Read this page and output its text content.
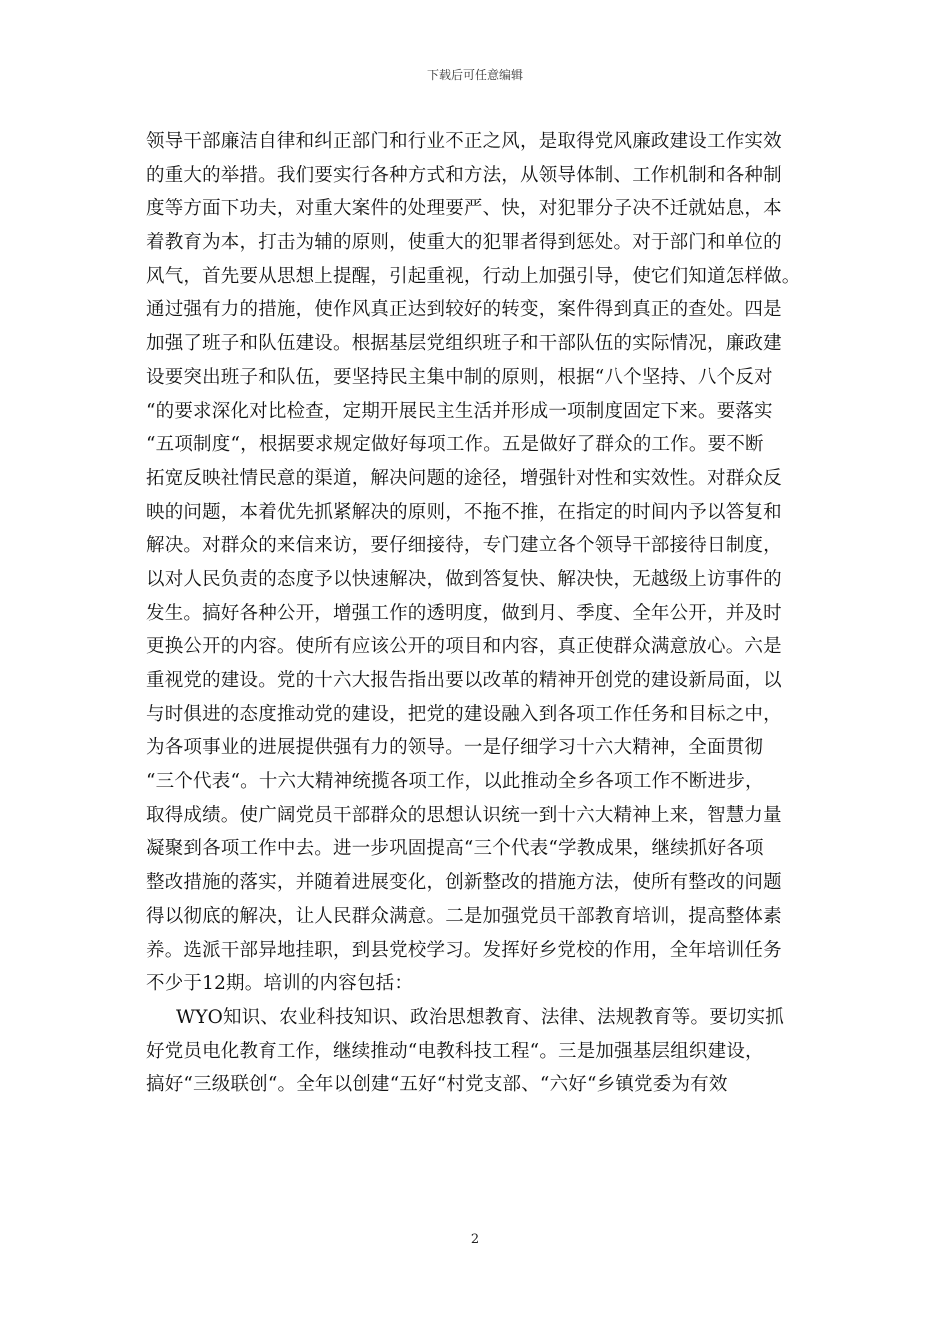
下载后可任意编辑
领导干部廉洁自律和纠正部门和行业不正之风，是取得党风廉政建设工作实效
的重大的举措。我们要实行各种方式和方法，从领导体制、工作机制和各种制
度等方面下功夫，对重大案件的处理要严、快，对犯罪分子决不迁就姑息，本
着教育为本，打击为辅的原则，使重大的犯罪者得到惩处。对于部门和单位的
风气，首先要从思想上提醒，引起重视，行动上加强引导，使它们知道怎样做。
通过强有力的措施，使作风真正达到较好的转变，案件得到真正的查处。四是
加强了班子和队伍建设。根据基层党组织班子和干部队伍的实际情况，廉政建
设要突出班子和队伍，要坚持民主集中制的原则，根据“八个坚持、八个反对
“的要求深化对比检查，定期开展民主生活并形成一项制度固定下来。要落实
“五项制度“，根据要求规定做好每项工作。五是做好了群众的工作。要不断
拓宽反映社情民意的渠道，解决问题的途径，增强针对性和实效性。对群众反
映的问题，本着优先抓紧解决的原则，不拖不推，在指定的时间内予以答复和
解决。对群众的来信来访，要仔细接待，专门建立各个领导干部接待日制度，
以对人民负责的态度予以快速解决，做到答复快、解决快，无越级上访事件的
发生。搞好各种公开，增强工作的透明度，做到月、季度、全年公开，并及时
更换公开的内容。使所有应该公开的项目和内容，真正使群众满意放心。六是
重视党的建设。党的十六大报告指出要以改革的精神开创党的建设新局面，以
与时俱进的态度推动党的建设，把党的建设融入到各项工作任务和目标之中，
为各项事业的进展提供强有力的领导。一是仔细学习十六大精神，全面贯彻
“三个代表“。十六大精神统揽各项工作，以此推动全乡各项工作不断进步，
取得成绩。使广阔党员干部群众的思想认识统一到十六大精神上来，智慧力量
凝聚到各项工作中去。进一步巩固提高“三个代表“学教成果，继续抓好各项
整改措施的落实，并随着进展变化，创新整改的措施方法，使所有整改的问题
得以彻底的解决，让人民群众满意。二是加强党员干部教育培训，提高整体素
养。选派干部异地挂职，到县党校学习。发挥好乡党校的作用，全年培训任务
不少于12期。培训的内容包括：
WYO知识、农业科技知识、政治思想教育、法律、法规教育等。要切实抓
好党员电化教育工作，继续推动“电教科技工程“。三是加强基层组织建设，
搞好“三级联创“。全年以创建“五好“村党支部、“六好“乡镇党委为有效
2
